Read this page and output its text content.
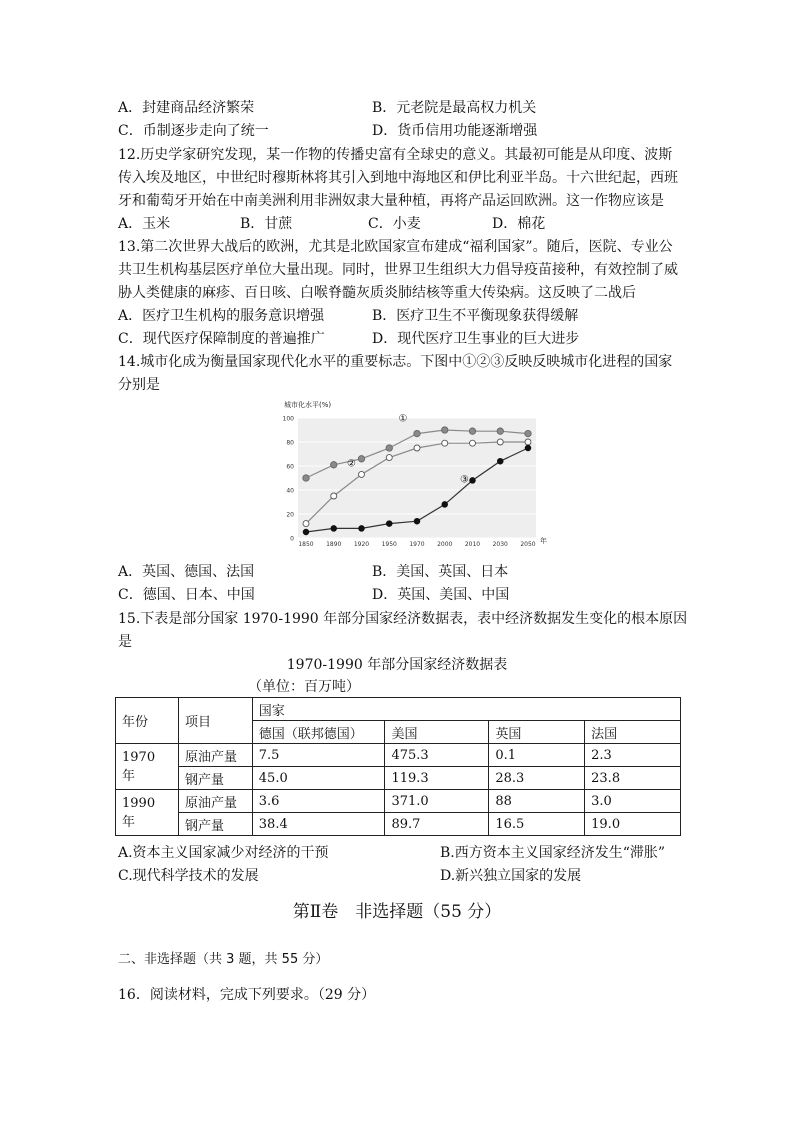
A．封建商品经济繁荣	B．元老院是最高权力机关
C．币制逐步走向了统一	D．货币信用功能逐渐增强
12.历史学家研究发现，某一作物的传播史富有全球史的意义。其最初可能是从印度、波斯
传入埃及地区，中世纪时穆斯林将其引入到地中海地区和伊比利亚半岛。十六世纪起，西班
牙和葡萄牙开始在中南美洲利用非洲奴隶大量种植，再将产品运回欧洲。这一作物应该是
A．玉米	B．甘蔗	C．小麦	D．棉花
13.第二次世界大战后的欧洲，尤其是北欧国家宣布建成“福利国家”。随后，医院、专业公
共卫生机构基层医疗单位大量出现。同时，世界卫生组织大力倡导疫苗接种，有效控制了威
胁人类健康的麻疹、百日咳、白喉脊髓灰质炎肺结核等重大传染病。这反映了二战后
A．医疗卫生机构的服务意识增强	B．医疗卫生不平衡现象获得缓解
C．现代医疗保障制度的普遍推广	D．现代医疗卫生事业的巨大进步
14.城市化成为衡量国家现代化水平的重要标志。下图中①②③反映反映城市化进程的国家
分别是
城市化水平(%)
0
20
40
60
80
100
1850 1890 1920 1950 1970 2000 2010 2030 2050
①
②
③
年
A．英国、德国、法国	B．美国、英国、日本
C．德国、日本、中国	D．英国、美国、中国
15.下表是部分国家 1970-1990 年部分国家经济数据表，表中经济数据发生变化的根本原因
是
1970-1990 年部分国家经济数据表
（单位：百万吨）
年份	项目	国家			
		德国（联邦德国）	美国	英国	法国
1970 年	原油产量	7.5	475.3	0.1	2.3
	钢产量	45.0	119.3	28.3	23.8
1990 年	原油产量	3.6	371.0	88	3.0
	钢产量	38.4	89.7	16.5	19.0
A.资本主义国家减少对经济的干预	B.西方资本主义国家经济发生“滞胀”
C.现代科学技术的发展	D.新兴独立国家的发展
第Ⅱ卷　非选择题（55 分）
二、非选择题（共 3 题，共 55 分）
16．阅读材料，完成下列要求。（29 分）
